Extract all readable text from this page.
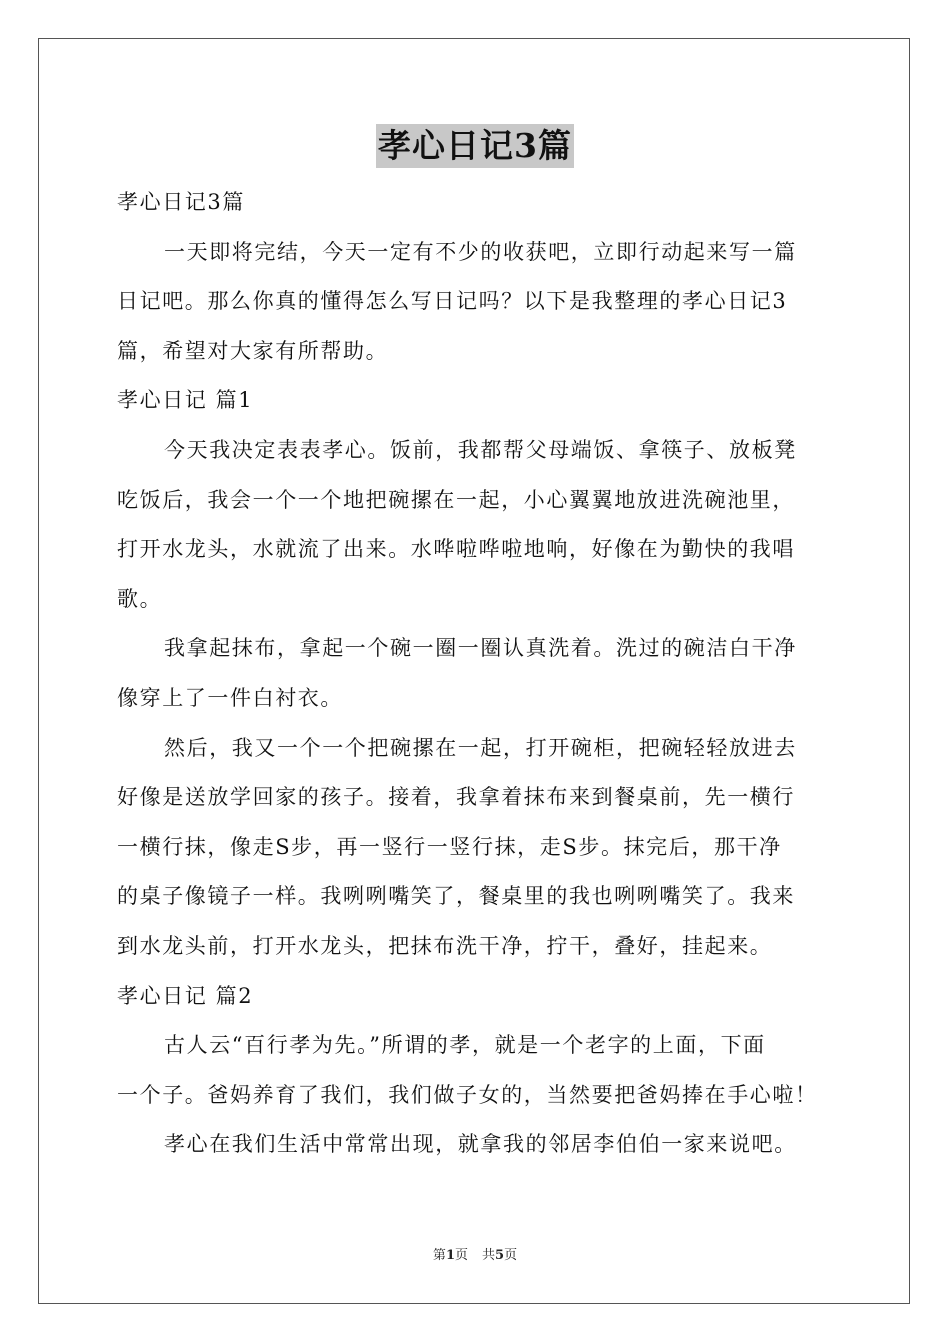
孝心日记3篇
孝心日记3篇
一天即将完结，今天一定有不少的收获吧，立即行动起来写一篇
日记吧。那么你真的懂得怎么写日记吗？以下是我整理的孝心日记3
篇，希望对大家有所帮助。
孝心日记 篇1
今天我决定表表孝心。饭前，我都帮父母端饭、拿筷子、放板凳
吃饭后，我会一个一个地把碗摞在一起，小心翼翼地放进洗碗池里，
打开水龙头，水就流了出来。水哗啦哗啦地响，好像在为勤快的我唱
歌。
我拿起抹布，拿起一个碗一圈一圈认真洗着。洗过的碗洁白干净
像穿上了一件白衬衣。
然后，我又一个一个把碗摞在一起，打开碗柜，把碗轻轻放进去
好像是送放学回家的孩子。接着，我拿着抹布来到餐桌前，先一横行
一横行抹，像走S步，再一竖行一竖行抹，走S步。抹完后，那干净
的桌子像镜子一样。我咧咧嘴笑了，餐桌里的我也咧咧嘴笑了。我来
到水龙头前，打开水龙头，把抹布洗干净，拧干，叠好，挂起来。
孝心日记 篇2
古人云“百行孝为先。”所谓的孝，就是一个老字的上面，下面
一个子。爸妈养育了我们，我们做子女的，当然要把爸妈捧在手心啦！
孝心在我们生活中常常出现，就拿我的邻居李伯伯一家来说吧。
第1页 共5页
